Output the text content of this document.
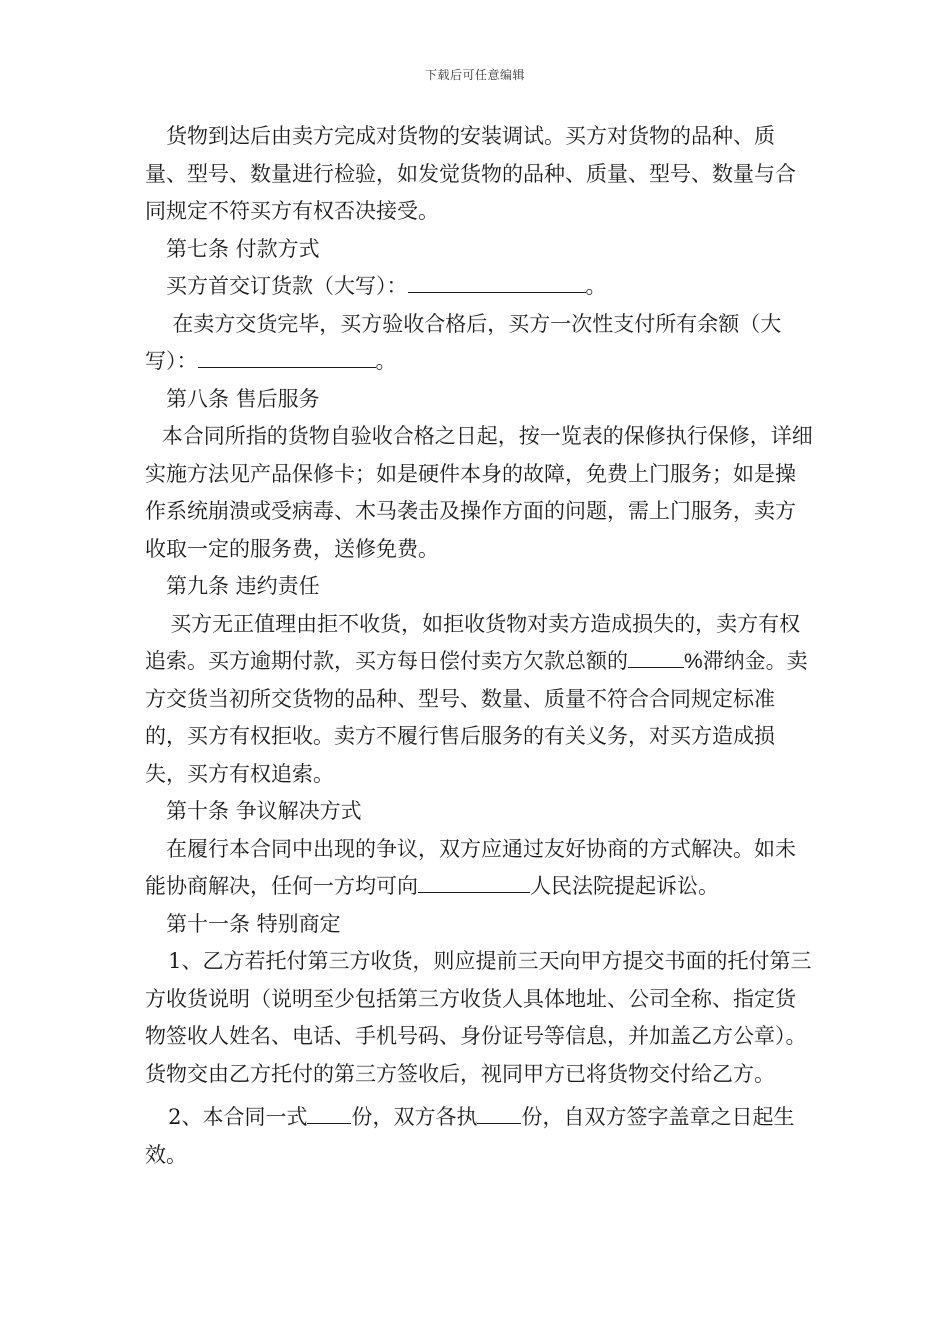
下载后可任意编辑

货物到达后由卖方完成对货物的安装调试。买方对货物的品种、质量、型号、数量进行检验，如发觉货物的品种、质量、型号、数量与合同规定不符买方有权否决接受。

第七条 付款方式

买方首交订货款（大写）：	。

在卖方交货完毕，买方验收合格后，买方一次性支付所有余额（大写）：	。

第八条 售后服务

本合同所指的货物自验收合格之日起，按一览表的保修执行保修，详细实施方法见产品保修卡；如是硬件本身的故障，免费上门服务；如是操作系统崩溃或受病毒、木马袭击及操作方面的问题，需上门服务，卖方收取一定的服务费，送修免费。

第九条 违约责任

买方无正值理由拒不收货，如拒收货物对卖方造成损失的，卖方有权追索。买方逾期付款，买方每日偿付卖方欠款总额的	%滞纳金。卖方交货当初所交货物的品种、型号、数量、质量不符合合同规定标准的，买方有权拒收。卖方不履行售后服务的有关义务，对买方造成损失，买方有权追索。

第十条 争议解决方式

在履行本合同中出现的争议，双方应通过友好协商的方式解决。如未能协商解决，任何一方均可向	人民法院提起诉讼。

第十一条 特别商定

1、乙方若托付第三方收货，则应提前三天向甲方提交书面的托付第三方收货说明（说明至少包括第三方收货人具体地址、公司全称、指定货物签收人姓名、电话、手机号码、身份证号等信息，并加盖乙方公章）。货物交由乙方托付的第三方签收后，视同甲方已将货物交付给乙方。

2、本合同一式 份，双方各执 份，自双方签字盖章之日起生效。
